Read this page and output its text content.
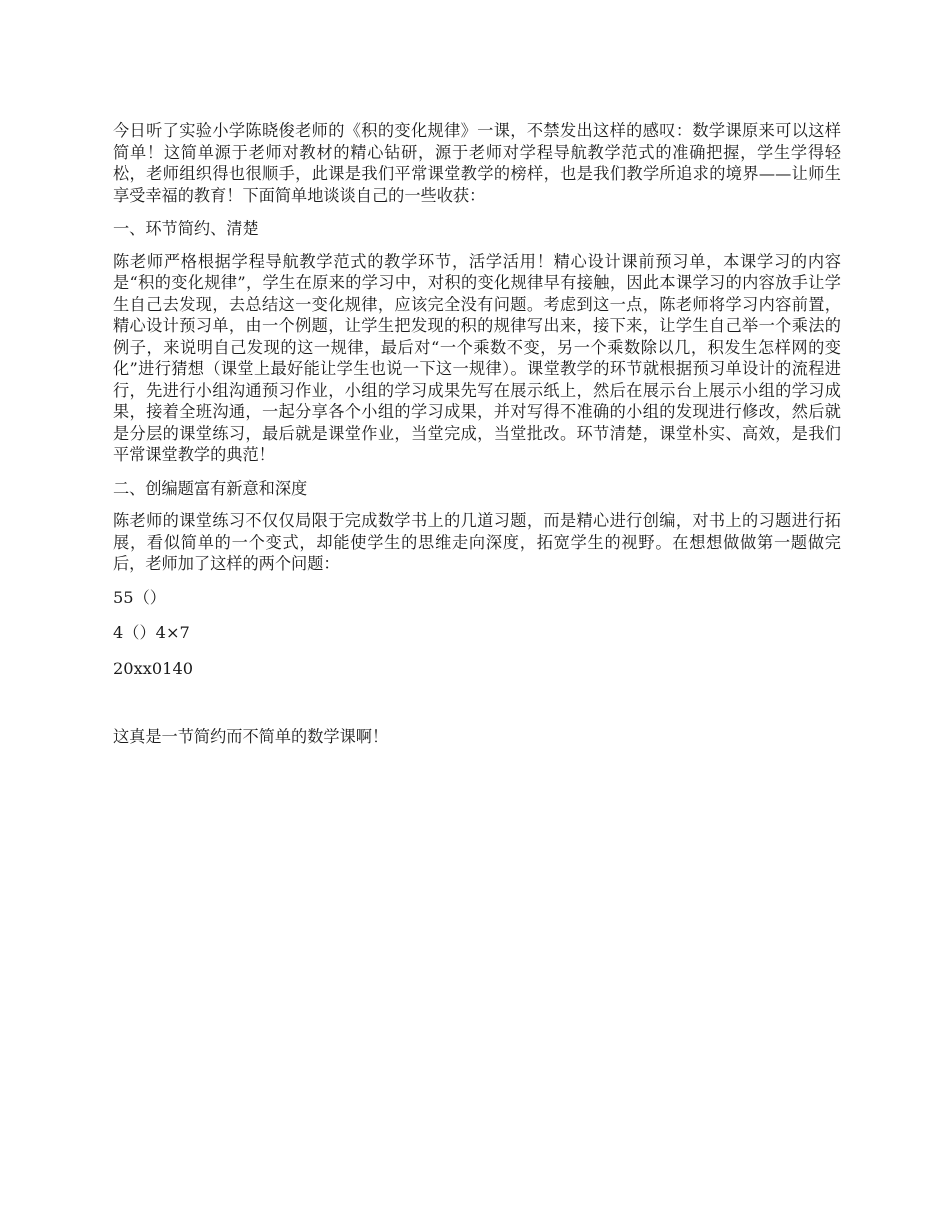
今日听了实验小学陈晓俊老师的《积的变化规律》一课，不禁发出这样的感叹：数学课原来可以这样简单！这简单源于老师对教材的精心钻研，源于老师对学程导航教学范式的准确把握，学生学得轻松，老师组织得也很顺手，此课是我们平常课堂教学的榜样，也是我们教学所追求的境界——让师生享受幸福的教育！下面简单地谈谈自己的一些收获：

一、环节简约、清楚

陈老师严格根据学程导航教学范式的教学环节，活学活用！精心设计课前预习单，本课学习的内容是“积的变化规律”，学生在原来的学习中，对积的变化规律早有接触，因此本课学习的内容放手让学生自己去发现，去总结这一变化规律，应该完全没有问题。考虑到这一点，陈老师将学习内容前置，精心设计预习单，由一个例题，让学生把发现的积的规律写出来，接下来，让学生自己举一个乘法的例子，来说明自己发现的这一规律，最后对“一个乘数不变，另一个乘数除以几，积发生怎样网的变化”进行猜想（课堂上最好能让学生也说一下这一规律）。课堂教学的环节就根据预习单设计的流程进行，先进行小组沟通预习作业，小组的学习成果先写在展示纸上，然后在展示台上展示小组的学习成果，接着全班沟通，一起分享各个小组的学习成果，并对写得不准确的小组的发现进行修改，然后就是分层的课堂练习，最后就是课堂作业，当堂完成，当堂批改。环节清楚，课堂朴实、高效，是我们平常课堂教学的典范！

二、创编题富有新意和深度

陈老师的课堂练习不仅仅局限于完成数学书上的几道习题，而是精心进行创编，对书上的习题进行拓展，看似简单的一个变式，却能使学生的思维走向深度，拓宽学生的视野。在想想做做第一题做完后，老师加了这样的两个问题：

55（）

4（）4×7

20xx0140

这真是一节简约而不简单的数学课啊！
